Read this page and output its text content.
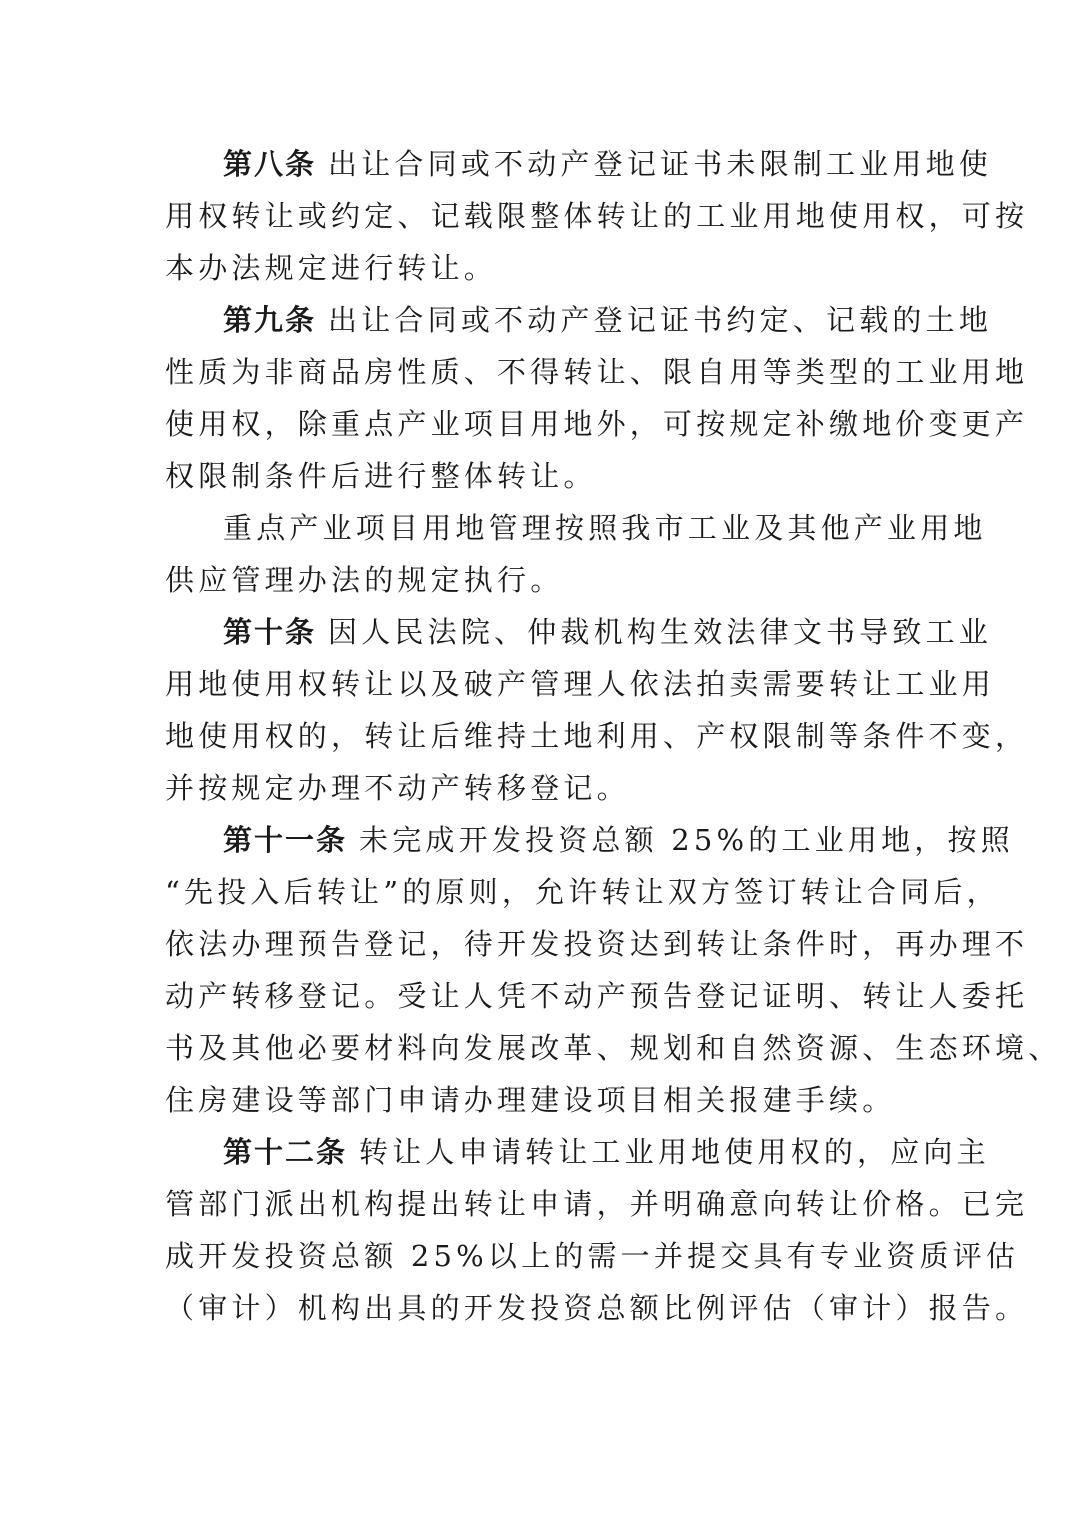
第八条 出让合同或不动产登记证书未限制工业用地使
用权转让或约定、记载限整体转让的工业用地使用权，可按
本办法规定进行转让。
第九条 出让合同或不动产登记证书约定、记载的土地
性质为非商品房性质、不得转让、限自用等类型的工业用地
使用权，除重点产业项目用地外，可按规定补缴地价变更产
权限制条件后进行整体转让。
重点产业项目用地管理按照我市工业及其他产业用地
供应管理办法的规定执行。
第十条 因人民法院、仲裁机构生效法律文书导致工业
用地使用权转让以及破产管理人依法拍卖需要转让工业用
地使用权的，转让后维持土地利用、产权限制等条件不变，
并按规定办理不动产转移登记。
第十一条 未完成开发投资总额 25%的工业用地，按照
“先投入后转让”的原则，允许转让双方签订转让合同后，
依法办理预告登记，待开发投资达到转让条件时，再办理不
动产转移登记。受让人凭不动产预告登记证明、转让人委托
书及其他必要材料向发展改革、规划和自然资源、生态环境、
住房建设等部门申请办理建设项目相关报建手续。
第十二条 转让人申请转让工业用地使用权的，应向主
管部门派出机构提出转让申请，并明确意向转让价格。已完
成开发投资总额 25%以上的需一并提交具有专业资质评估
（审计）机构出具的开发投资总额比例评估（审计）报告。
